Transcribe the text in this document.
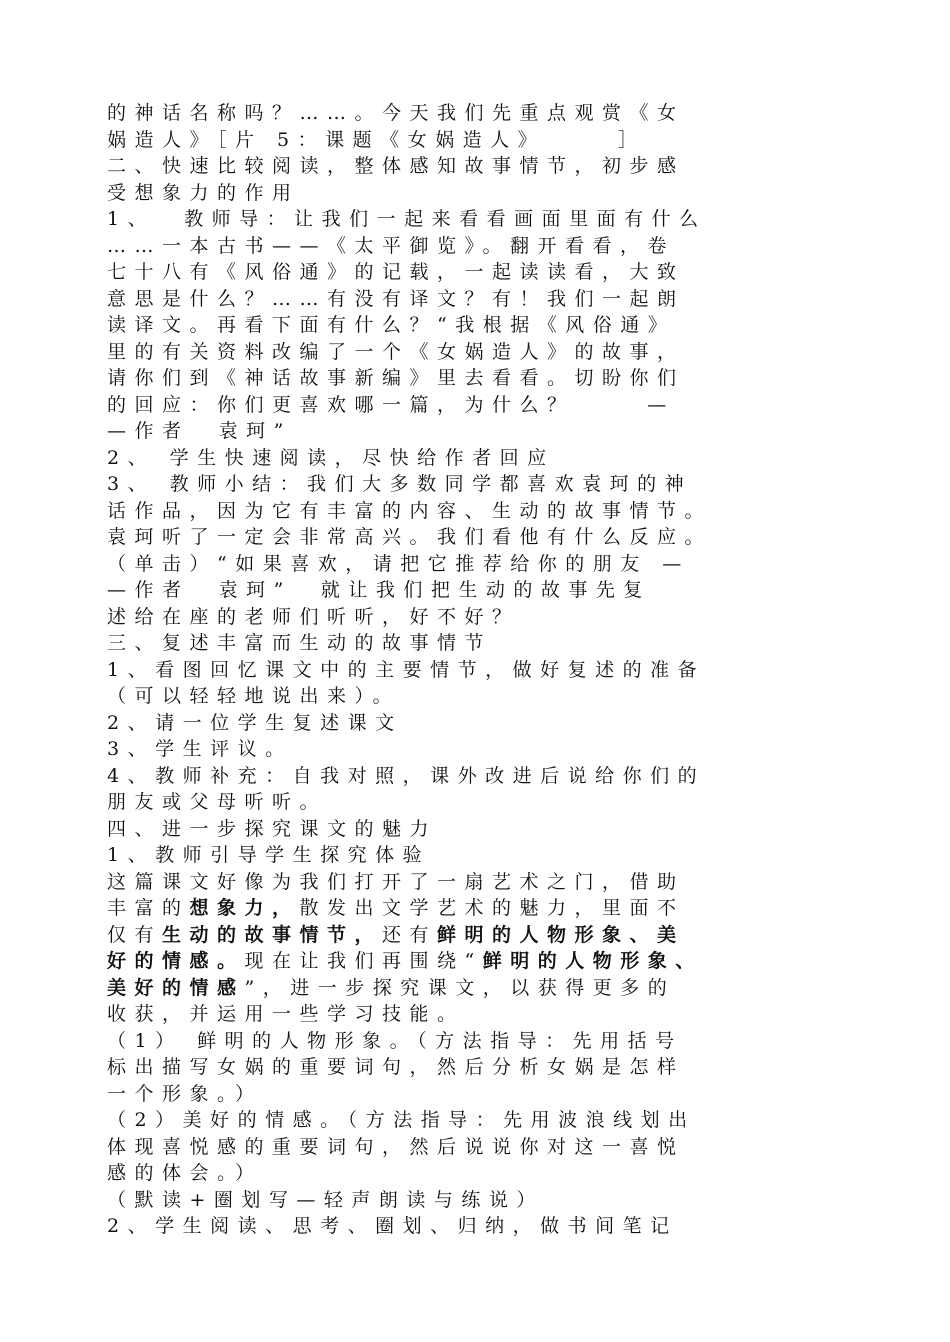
的神话名称吗？……。今天我们先重点观赏《女
娲造人》［片 5：课题《女娲造人》     ］
二、快速比较阅读，整体感知故事情节，初步感
受想象力的作用
1、  教师导：让我们一起来看看画面里面有什么
……一本古书——《太平御览》。翻开看看，卷
七十八有《风俗通》的记载，一起读读看，大致
意思是什么？……有没有译文？有！我们一起朗
读译文。再看下面有什么？“我根据《风俗通》
里的有关资料改编了一个《女娲造人》的故事，
请你们到《神话故事新编》里去看看。切盼你们
的回应：你们更喜欢哪一篇，为什么？     —
—作者  袁珂”
2、 学生快速阅读，尽快给作者回应
3、 教师小结：我们大多数同学都喜欢袁珂的神
话作品，因为它有丰富的内容、生动的故事情节。
袁珂听了一定会非常高兴。我们看他有什么反应。
（单击）“如果喜欢，请把它推荐给你的朋友 —
—作者  袁珂”  就让我们把生动的故事先复
述给在座的老师们听听，好不好？
三、复述丰富而生动的故事情节
1、看图回忆课文中的主要情节，做好复述的准备
（可以轻轻地说出来）。
2、请一位学生复述课文
3、学生评议。
4、教师补充：自我对照，课外改进后说给你们的
朋友或父母听听。
四、进一步探究课文的魅力
1、教师引导学生探究体验
这篇课文好像为我们打开了一扇艺术之门，借助
丰富的想象力，散发出文学艺术的魅力，里面不
仅有生动的故事情节，还有鲜明的人物形象、美
好的情感。现在让我们再围绕“鲜明的人物形象、
美好的情感”，进一步探究课文，以获得更多的
收获，并运用一些学习技能。
（1） 鲜明的人物形象。（方法指导：先用括号
标出描写女娲的重要词句，然后分析女娲是怎样
一个形象。）
（2）美好的情感。（方法指导：先用波浪线划出
体现喜悦感的重要词句，然后说说你对这一喜悦
感的体会。）
（默读+圈划写—轻声朗读与练说）
2、学生阅读、思考、圈划、归纳，做书间笔记
